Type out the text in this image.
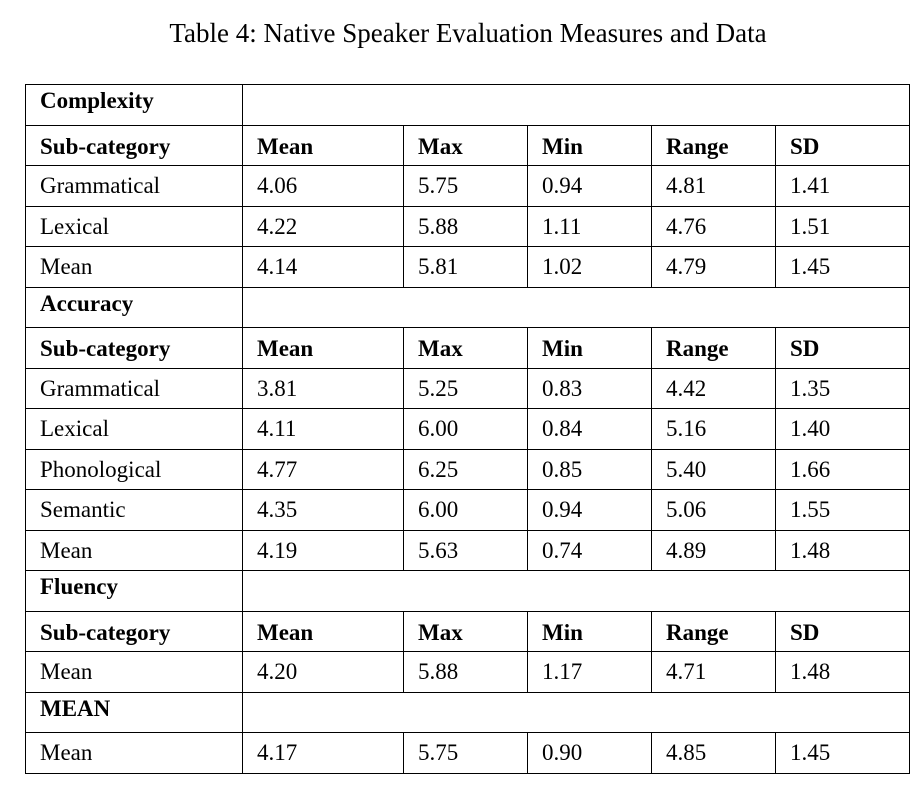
Table 4: Native Speaker Evaluation Measures and Data
Complexity					
Sub-category	Mean	Max	Min	Range	SD
Grammatical	4.06	5.75	0.94	4.81	1.41
Lexical	4.22	5.88	1.11	4.76	1.51
Mean	4.14	5.81	1.02	4.79	1.45
Accuracy					
Sub-category	Mean	Max	Min	Range	SD
Grammatical	3.81	5.25	0.83	4.42	1.35
Lexical	4.11	6.00	0.84	5.16	1.40
Phonological	4.77	6.25	0.85	5.40	1.66
Semantic	4.35	6.00	0.94	5.06	1.55
Mean	4.19	5.63	0.74	4.89	1.48
Fluency					
Sub-category	Mean	Max	Min	Range	SD
Mean	4.20	5.88	1.17	4.71	1.48
MEAN					
Mean	4.17	5.75	0.90	4.85	1.45
